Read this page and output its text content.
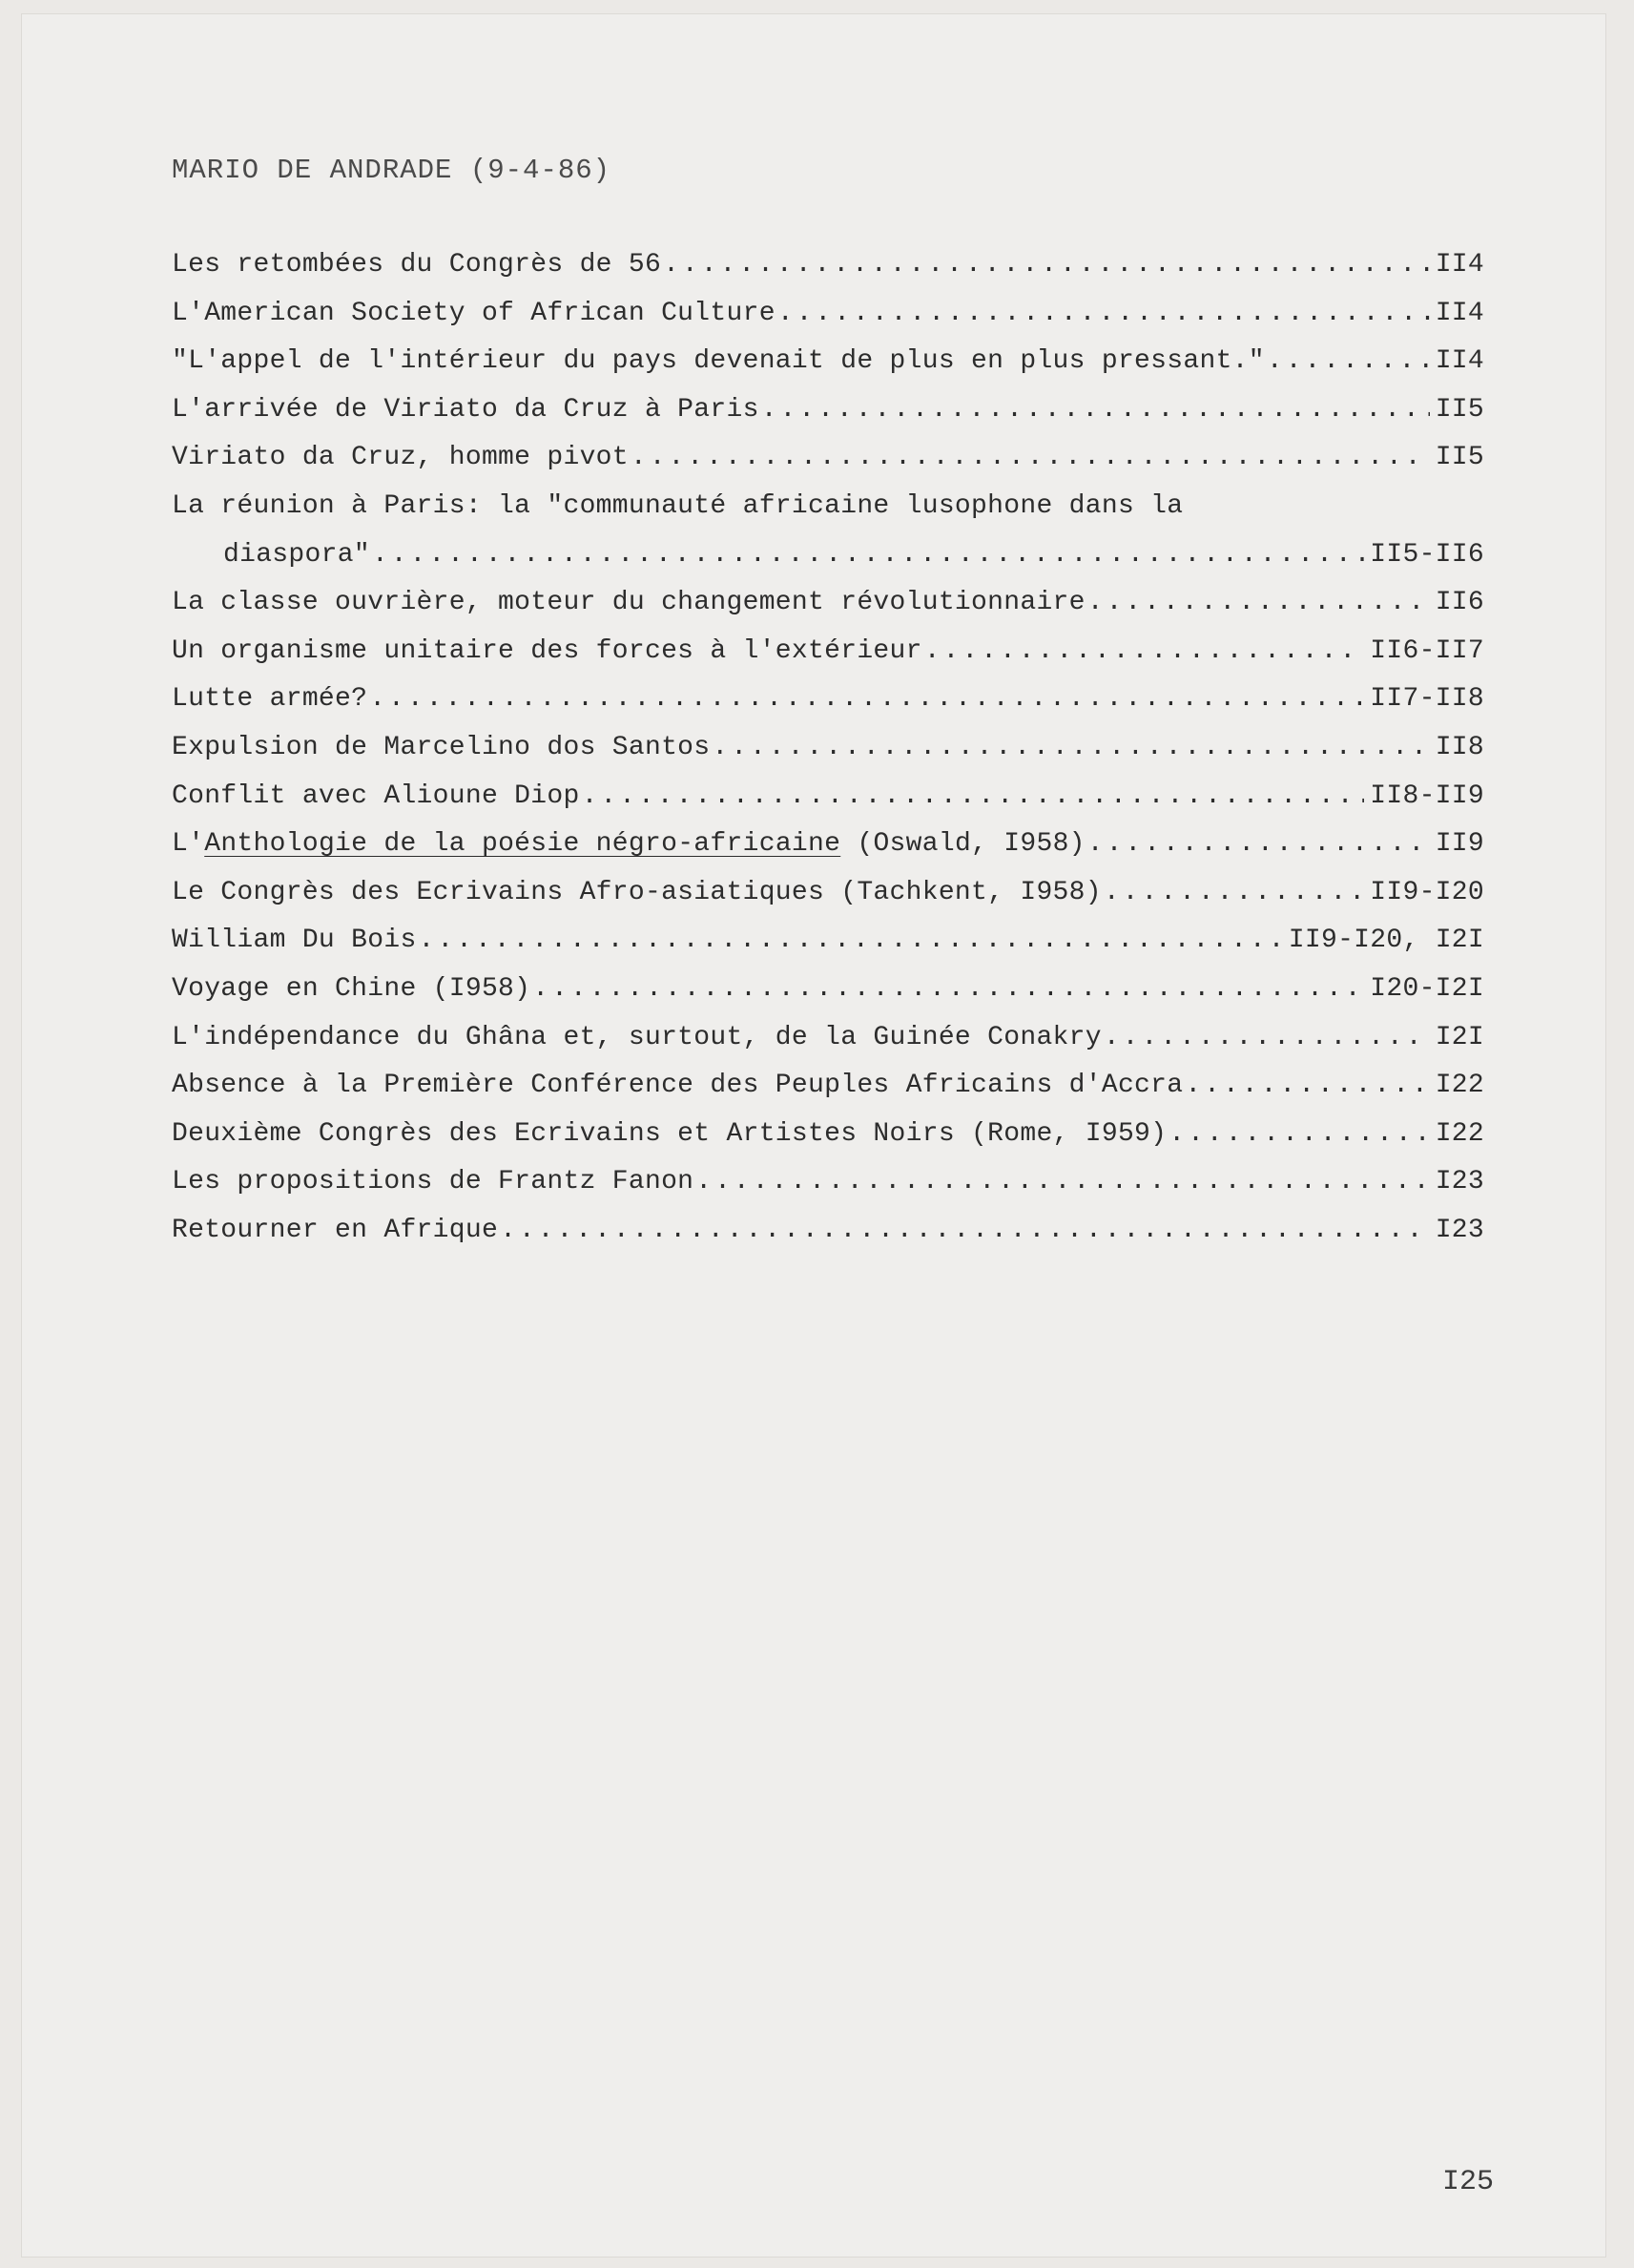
MARIO DE ANDRADE (9-4-86)
Les retombées du Congrès de 56 .....	II4
L'American Society of African Culture .....	II4
"L'appel de l'intérieur du pays devenait de plus en plus pressant." .....	II4
L'arrivée de Viriato da Cruz à Paris .....	II5
Viriato da Cruz, homme pivot .....	II5
La réunion à Paris: la "communauté africaine lusophone dans la
diaspora" .....	II5-II6
La classe ouvrière, moteur du changement révolutionnaire .....	II6
Un organisme unitaire des forces à l'extérieur .....	II6-II7
Lutte armée? .....	II7-II8
Expulsion de Marcelino dos Santos .....	II8
Conflit avec Alioune Diop .....	II8-II9
L'Anthologie de la poésie négro-africaine (Oswald, I958) .....	II9
Le Congrès des Ecrivains Afro-asiatiques (Tachkent, I958) .....	II9-I20
William Du Bois .....	II9-I20, I2I
Voyage en Chine (I958) .....	I20-I2I
L'indépendance du Ghâna et, surtout, de la Guinée Conakry .....	I2I
Absence à la Première Conférence des Peuples Africains d'Accra .....	I22
Deuxième Congrès des Ecrivains et Artistes Noirs (Rome, I959) .....	I22
Les propositions de Frantz Fanon .....	I23
Retourner en Afrique .....	I23
I25
